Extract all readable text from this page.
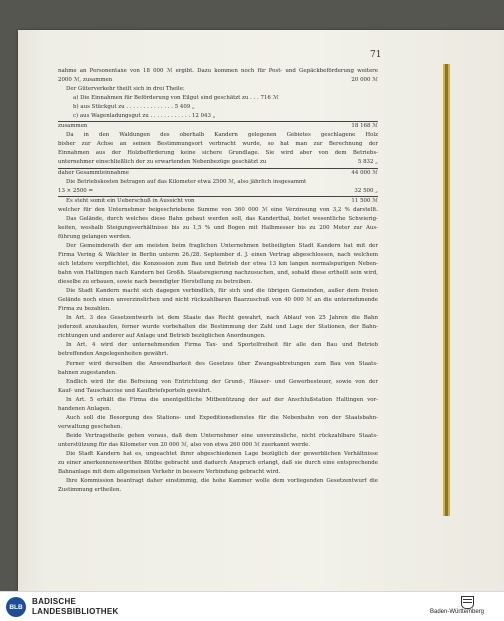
71
nahme an Personentaxe von 18 000 ℳ ergibt. Dazu kommen noch für Post- und Gepäckbeförderung weitere
2000 ℳ, zusammen	20 000 ℳ
Der Güterverkehr theilt sich in drei Theile:
a) Die Einnahmen für Beförderung von Eilgut sind geschätzt zu . . . 716 ℳ
b) aus Stückgut zu . . . . . . . . . . . . . . 5 409 „
c) aus Wagenladungsgut zu . . . . . . . . . . . . 12 043 „
zusammen	18 168 ℳ
Da in den Waldungen des oberhalb Kandern gelegenen Gebietes geschlagene Holz
bisher zur Achse an seinen Bestimmungsort verbracht wurde, so hat man zur Berechnung der
Einnahmen aus der Holzbeförderung keine sichere Grundlage. Sie wird aber von dem Betriebs-
unternehmer einschließlich der zu erwartenden Nebenbezüge geschätzt zu	5 832 „
daher Gesammteinnahme	44 000 ℳ
Die Betriebskosten betragen auf das Kilometer etwa 2500 ℳ, also jährlich insgesammt
13 × 2500 =	32 500 „
Es steht somit ein Ueberschuß in Aussicht von	11 500 ℳ
welcher für den Unternehmer beigeschriebene Summe von 360 000 ℳ eine Verzinsung von 3,2 % darstellt.
Das Gelände, durch welches diese Bahn gebaut werden soll, das Kanderthal, bietet wesentliche Schwierig-
keiten, weshalb Steigungsverhältnisse bis zu 1,5 % und Bogen mit Halbmesser bis zu 200 Meter zur Aus-
führung gelangen werden.
Der Gemeinderath der am meisten beim fraglichen Unternehmen betheiligten Stadt Kandern hat mit der
Firma Vering & Wächter in Berlin unterm 26./28. September d. J. einen Vertrag abgeschlossen, nach welchem
sich letztere verpflichtet, die Konzession zum Bau und Betrieb der etwa 13 km langen normalspurigen Neben-
bahn von Haltingen nach Kandern bei Großh. Staatsregierung nachzusuchen, und, sobald diese ertheilt sein wird,
dieselbe zu erbauen, sowie nach beendigter Herstellung zu betreiben.
Die Stadt Kandern macht sich dagegen verbindlich, für sich und die übrigen Gemeinden, außer dem freien
Gelände noch einen unverzinslichen und nicht rückzahlbaren Baarzuschuß von 40 000 ℳ an die unternehmende
Firma zu bezahlen.
In Art. 3 des Gesetzentwurfs ist dem Staate das Recht gewahrt, nach Ablauf von 25 Jahren die Bahn
jederzeit anzukaufen, ferner wurde vorbehalten die Bestimmung der Zahl und Lage der Stationen, der Bahn-
richtungen und anderer auf Anlage und Betrieb bezüglichen Anordnungen.
In Art. 4 wird der unternehmenden Firma Tax- und Sportelfreiheit für alle den Bau und Betrieb
betreffenden Angelegenheiten gewährt.
Ferner wird derselben die Anwendbarkeit des Gesetzes über Zwangsabtretungen zum Bau von Staats-
bahnen zugestanden.
Endlich wird ihr die Befreiung von Entrichtung der Grund-, Häuser- und Gewerbesteuer, sowie von der
Kauf- und Tauschaccise und Kaufbriefsporteln gewährt.
In Art. 5 erhält die Firma die unentgeltliche Mitbenützung der auf der Anschlußstation Haltingen vor-
handenen Anlagen.
Auch soll die Besorgung des Stations- und Expeditionsdienstes für die Nebenbahn von der Staatsbahn-
verwaltung geschehen.
Beide Vertragstheile gehen voraus, daß dem Unternehmer eine unverzinsliche, nicht rückzahlbare Staats-
unterstützung für das Kilometer von 20 000 ℳ, also von etwa 260 000 ℳ zuerkannt werde.
Die Stadt Kandern hat es, ungeachtet ihrer abgeschiedenen Lage bezüglich der gewerblichen Verhältnisse
zu einer anerkennenswerthen Blüthe gebracht und dadurch Anspruch erlangt, daß sie durch eine entsprechende
Bahnanlage mit dem allgemeinen Verkehr in bessere Verbindung gebracht wird.
Ihre Kommission beantragt daher einstimmig, die hohe Kammer wolle dem vorliegenden Gesetzentwurf die
Zustimmung ertheilen.
BLB
BADISCHE
LANDESBIBLIOTHEK	Baden-Württemberg
